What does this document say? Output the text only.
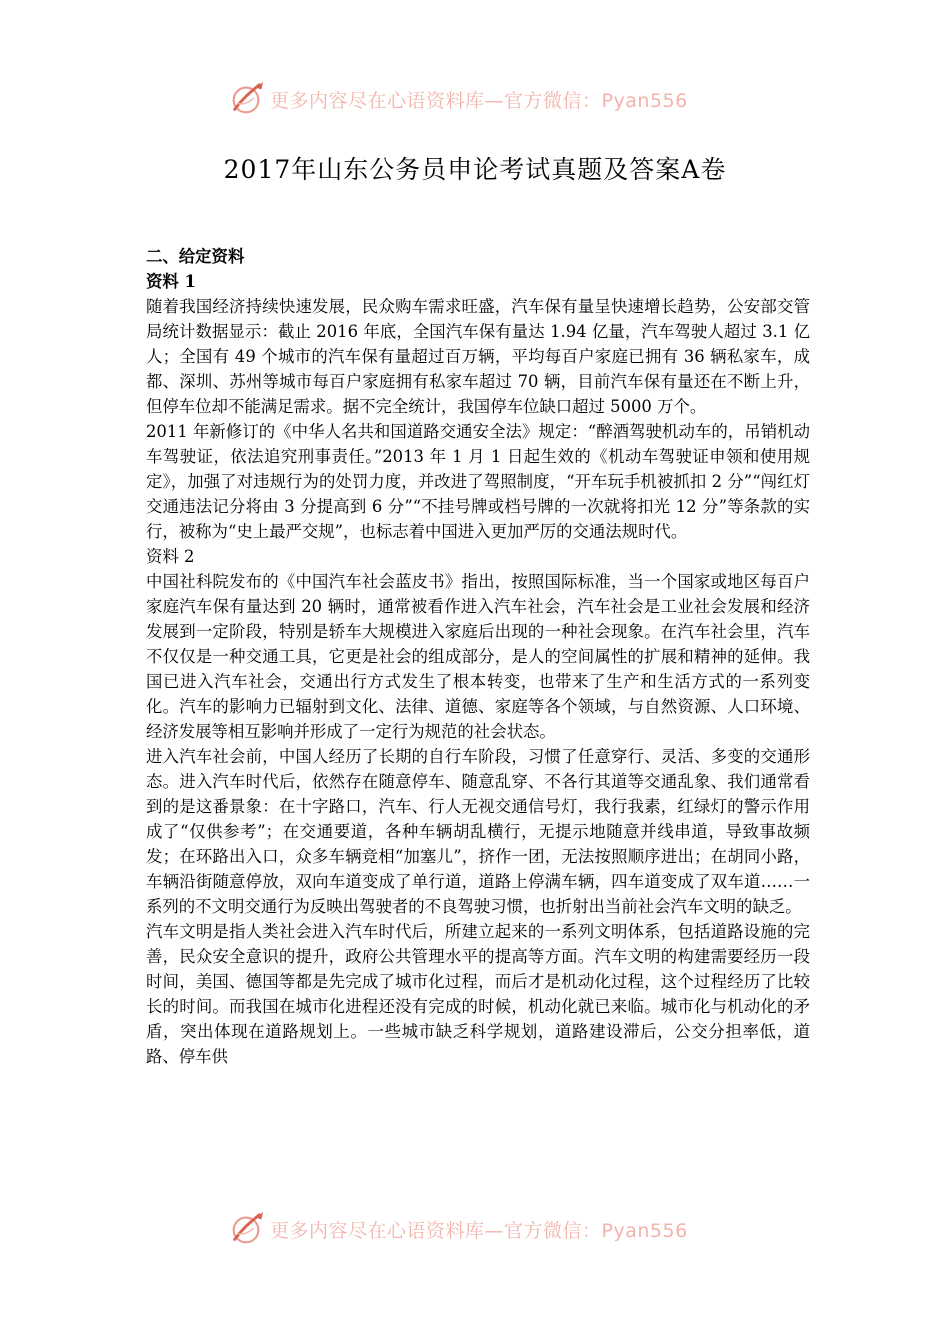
更多内容尽在心语资料库—官方微信：Pyan556
2017年山东公务员申论考试真题及答案A卷

二、给定资料

资料 1

随着我国经济持续快速发展，民众购车需求旺盛，汽车保有量呈快速增长趋势，公安部交管局统计数据显示：截止 2016 年底，全国汽车保有量达 1.94 亿量，汽车驾驶人超过 3.1 亿人；全国有 49 个城市的汽车保有量超过百万辆，平均每百户家庭已拥有 36 辆私家车，成都、深圳、苏州等城市每百户家庭拥有私家车超过 70 辆，目前汽车保有量还在不断上升，但停车位却不能满足需求。据不完全统计，我国停车位缺口超过 5000 万个。

2011 年新修订的《中华人名共和国道路交通安全法》规定：“醉酒驾驶机动车的，吊销机动车驾驶证，依法追究刑事责任。”2013 年 1 月 1 日起生效的《机动车驾驶证申领和使用规定》，加强了对违规行为的处罚力度，并改进了驾照制度，“开车玩手机被抓扣 2 分”“闯红灯交通违法记分将由 3 分提高到 6 分”“不挂号牌或档号牌的一次就将扣光 12 分”等条款的实行，被称为“史上最严交规”，也标志着中国进入更加严厉的交通法规时代。

资料 2

中国社科院发布的《中国汽车社会蓝皮书》指出，按照国际标准，当一个国家或地区每百户家庭汽车保有量达到 20 辆时，通常被看作进入汽车社会，汽车社会是工业社会发展和经济发展到一定阶段，特别是轿车大规模进入家庭后出现的一种社会现象。在汽车社会里，汽车不仅仅是一种交通工具，它更是社会的组成部分，是人的空间属性的扩展和精神的延伸。我国已进入汽车社会，交通出行方式发生了根本转变，也带来了生产和生活方式的一系列变化。汽车的影响力已辐射到文化、法律、道德、家庭等各个领域，与自然资源、人口环境、经济发展等相互影响并形成了一定行为规范的社会状态。

进入汽车社会前，中国人经历了长期的自行车阶段，习惯了任意穿行、灵活、多变的交通形态。进入汽车时代后，依然存在随意停车、随意乱穿、不各行其道等交通乱象、我们通常看到的是这番景象：在十字路口，汽车、行人无视交通信号灯，我行我素，红绿灯的警示作用成了“仅供参考”；在交通要道，各种车辆胡乱横行，无提示地随意并线串道，导致事故频发；在环路出入口，众多车辆竞相“加塞儿”，挤作一团，无法按照顺序进出；在胡同小路，车辆沿街随意停放，双向车道变成了单行道，道路上停满车辆，四车道变成了双车道……一系列的不文明交通行为反映出驾驶者的不良驾驶习惯，也折射出当前社会汽车文明的缺乏。

汽车文明是指人类社会进入汽车时代后，所建立起来的一系列文明体系，包括道路设施的完善，民众安全意识的提升，政府公共管理水平的提高等方面。汽车文明的构建需要经历一段时间，美国、德国等都是先完成了城市化过程，而后才是机动化过程，这个过程经历了比较长的时间。而我国在城市化进程还没有完成的时候，机动化就已来临。城市化与机动化的矛盾，突出体现在道路规划上。一些城市缺乏科学规划，道路建设滞后，公交分担率低，道路、停车供

更多内容尽在心语资料库—官方微信：Pyan556
